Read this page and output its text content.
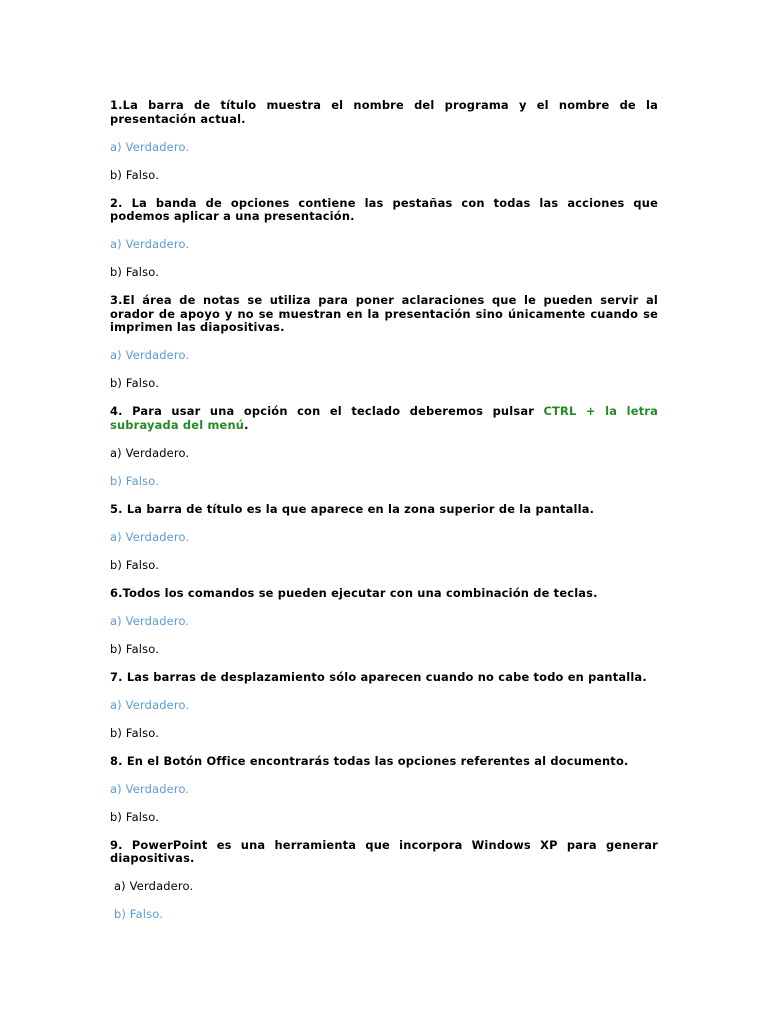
1.La barra de título muestra el nombre del programa y el nombre de la presentación actual.

a) Verdadero.

b) Falso.

2. La banda de opciones contiene las pestañas con todas las acciones que podemos aplicar a una presentación.

a) Verdadero.

b) Falso.

3.El área de notas se utiliza para poner aclaraciones que le pueden servir al orador de apoyo y no se muestran en la presentación sino únicamente cuando se imprimen las diapositivas.

a) Verdadero.

b) Falso.

4. Para usar una opción con el teclado deberemos pulsar CTRL + la letra subrayada del menú.

a) Verdadero.

b) Falso.

5. La barra de título es la que aparece en la zona superior de la pantalla.

a) Verdadero.

b) Falso.

6.Todos los comandos se pueden ejecutar con una combinación de teclas.

a) Verdadero.

b) Falso.

7. Las barras de desplazamiento sólo aparecen cuando no cabe todo en pantalla.

a) Verdadero.

b) Falso.

8. En el Botón Office encontrarás todas las opciones referentes al documento.

a) Verdadero.

b) Falso.

9. PowerPoint es una herramienta que incorpora Windows XP para generar diapositivas.

a) Verdadero.

b) Falso.
